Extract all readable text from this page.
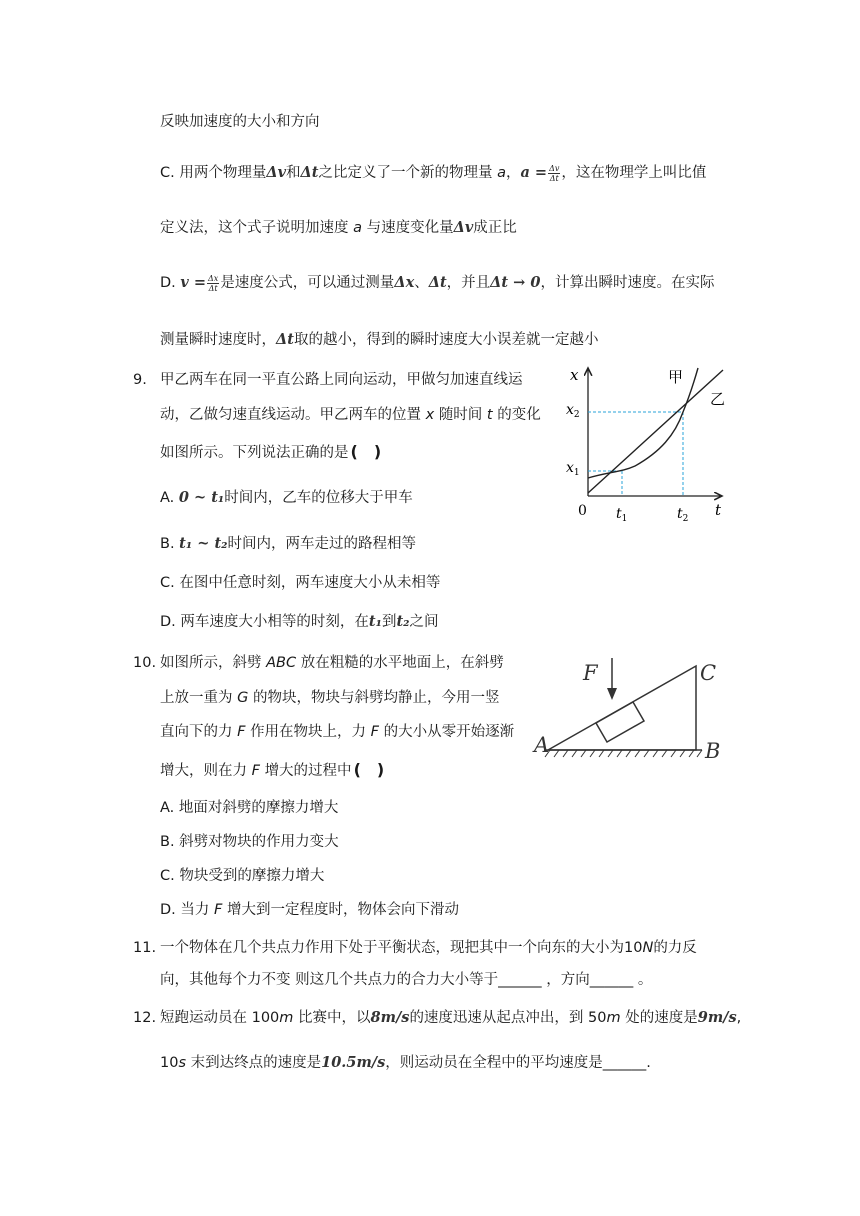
反映加速度的大小和方向
C. 用两个物理量Δv和Δt之比定义了一个新的物理量 a，$a = \frac{\Delta v}{\Delta t}$ ，这在物理学上叫比值
定义法，这个式子说明加速度 a 与速度变化量Δv成正比
D. $v = \frac{\Delta x}{\Delta t}$ 是速度公式，可以通过测量Δx、Δt，并且Δt → 0，计算出瞬时速度。在实际
测量瞬时速度时，Δt取的越小，得到的瞬时速度大小误差就一定越小
9. 甲乙两车在同一平直公路上同向运动，甲做匀加速直线运
动，乙做匀速直线运动。甲乙两车的位置 x 随时间 t 的变化
如图所示。下列说法正确的是 (　)
A. 0 ~ t₁时间内，乙车的位移大于甲车
B. t₁ ~ t₂时间内，两车走过的路程相等
C. 在图中任意时刻，两车速度大小从未相等
D. 两车速度大小相等的时刻，在t₁到t₂之间
x
t
0 $t_1$	$t_2$
$x_1$
$x_2$
甲
乙
10. 如图所示，斜劈 ABC 放在粗糙的水平地面上，在斜劈
上放一重为 G 的物块，物块与斜劈均静止，今用一竖
直向下的力 F 作用在物块上，力 F 的大小从零开始逐渐
增大，则在力 F 增大的过程中 (　)
A. 地面对斜劈的摩擦力增大
B. 斜劈对物块的作用力变大
C. 物块受到的摩擦力增大
D. 当力 F 增大到一定程度时，物体会向下滑动
F	C
A	B
11. 一个物体在几个共点力作用下处于平衡状态，现把其中一个向东的大小为10N的力反
向，其他每个力不变 则这几个共点力的合力大小等于______ ，方向______ 。
12. 短跑运动员在 100m 比赛中，以8m/s的速度迅速从起点冲出，到 50m 处的速度是9m/s,
10s 末到达终点的速度是10.5m/s，则运动员在全程中的平均速度是______.
